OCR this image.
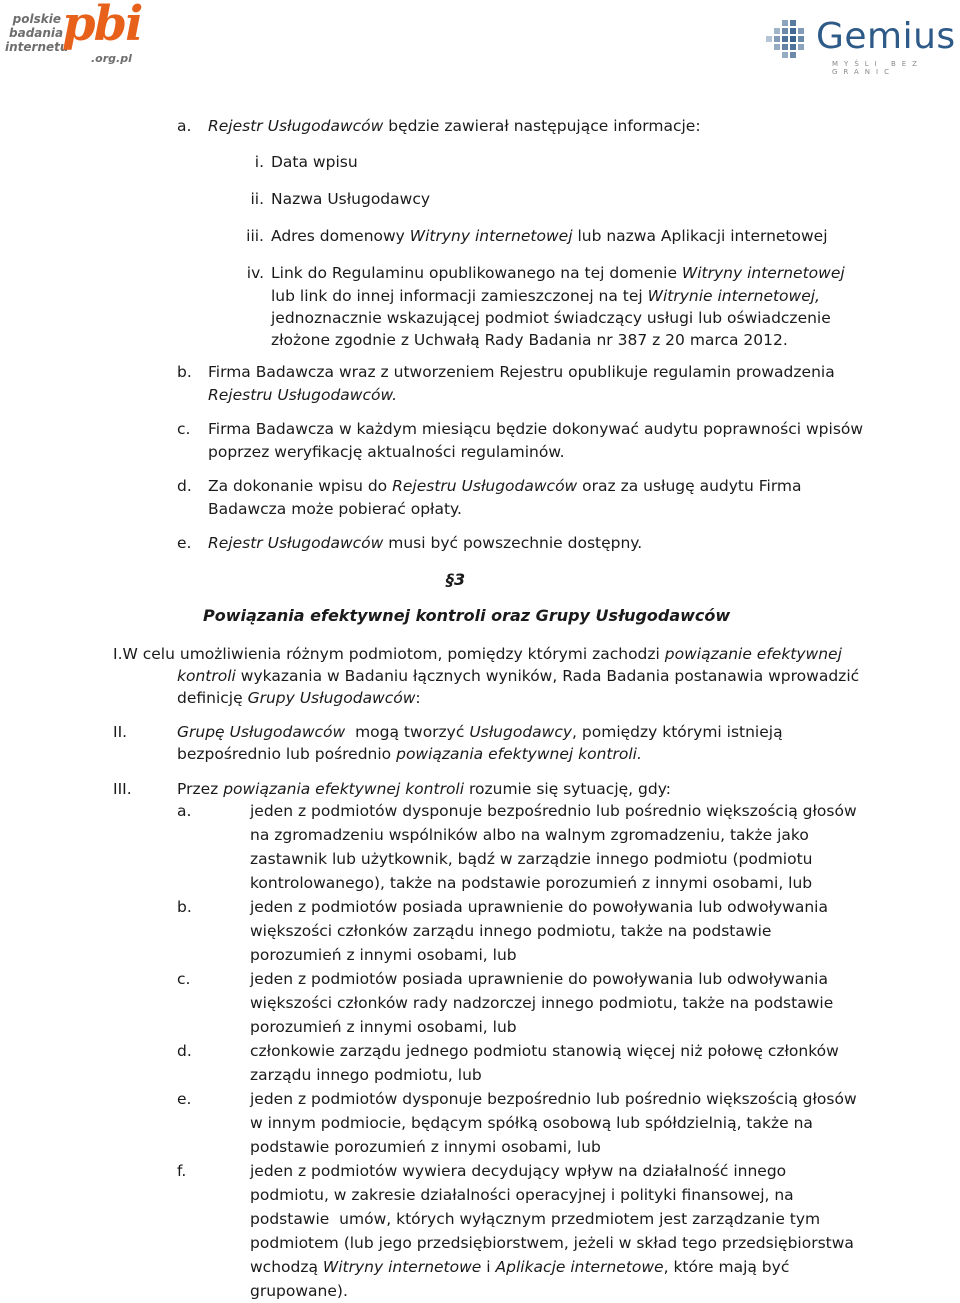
polskie
badania
internetu
pbi
.org.pl
Gemius
MYŚLI BEZ GRANIC
a. Rejestr Usługodawców będzie zawierał następujące informacje:
i. Data wpisu
ii. Nazwa Usługodawcy
iii. Adres domenowy Witryny internetowej lub nazwa Aplikacji internetowej
iv. Link do Regulaminu opublikowanego na tej domenie Witryny internetowej
lub link do innej informacji zamieszczonej na tej Witrynie internetowej,
jednoznacznie wskazującej podmiot świadczący usługi lub oświadczenie
złożone zgodnie z Uchwałą Rady Badania nr 387 z 20 marca 2012.
b. Firma Badawcza wraz z utworzeniem Rejestru opublikuje regulamin prowadzenia
Rejestru Usługodawców.
c. Firma Badawcza w każdym miesiącu będzie dokonywać audytu poprawności wpisów
poprzez weryfikację aktualności regulaminów.
d. Za dokonanie wpisu do Rejestru Usługodawców oraz za usługę audytu Firma
Badawcza może pobierać opłaty.
e. Rejestr Usługodawców musi być powszechnie dostępny.
§3
Powiązania efektywnej kontroli oraz Grupy Usługodawców
I.W celu umożliwienia różnym podmiotom, pomiędzy którymi zachodzi powiązanie efektywnej
kontroli wykazania w Badaniu łącznych wyników, Rada Badania postanawia wprowadzić
definicję Grupy Usługodawców:
II.	Grupę Usługodawców  mogą tworzyć Usługodawcy, pomiędzy którymi istnieją
bezpośrednio lub pośrednio powiązania efektywnej kontroli.
III.	Przez powiązania efektywnej kontroli rozumie się sytuację, gdy:
a.	jeden z podmiotów dysponuje bezpośrednio lub pośrednio większością głosów
na zgromadzeniu wspólników albo na walnym zgromadzeniu, także jako
zastawnik lub użytkownik, bądź w zarządzie innego podmiotu (podmiotu
kontrolowanego), także na podstawie porozumień z innymi osobami, lub
b.	jeden z podmiotów posiada uprawnienie do powoływania lub odwoływania
większości członków zarządu innego podmiotu, także na podstawie
porozumień z innymi osobami, lub
c.	jeden z podmiotów posiada uprawnienie do powoływania lub odwoływania
większości członków rady nadzorczej innego podmiotu, także na podstawie
porozumień z innymi osobami, lub
d.	członkowie zarządu jednego podmiotu stanowią więcej niż połowę członków
zarządu innego podmiotu, lub
e.	jeden z podmiotów dysponuje bezpośrednio lub pośrednio większością głosów
w innym podmiocie, będącym spółką osobową lub spółdzielnią, także na
podstawie porozumień z innymi osobami, lub
f.	jeden z podmiotów wywiera decydujący wpływ na działalność innego
podmiotu, w zakresie działalności operacyjnej i polityki finansowej, na
podstawie  umów, których wyłącznym przedmiotem jest zarządzanie tym
podmiotem (lub jego przedsiębiorstwem, jeżeli w skład tego przedsiębiorstwa
wchodzą Witryny internetowe i Aplikacje internetowe, które mają być
grupowane).
